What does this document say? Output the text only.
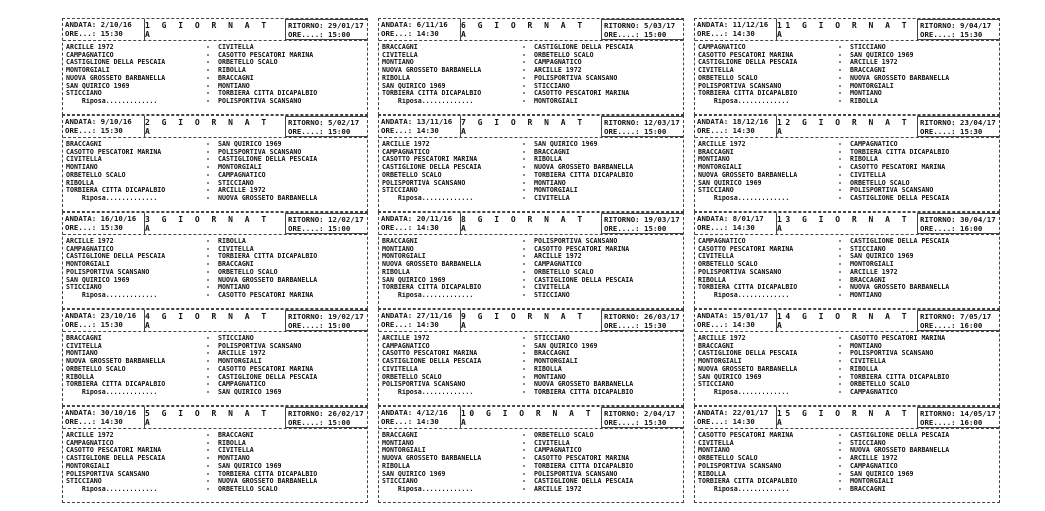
ANDATA: 2/10/16
ORE...: 15:30
1 G I O R N A T A
RITORNO: 29/01/17
ORE....: 15:00
ARCILLE 1972	- CIVITELLA
CAMPAGNATICO	- CASOTTO PESCATORI MARINA
CASTIGLIONE DELLA PESCAIA	- ORBETELLO SCALO
MONTORGIALI	- RIBOLLA
NUOVA GROSSETO BARBANELLA	- BRACCAGNI
SAN QUIRICO 1969	- MONTIANO
STICCIANO	- TORBIERA CITTA DICAPALBIO
Riposa.............	- POLISPORTIVA SCANSANO
ANDATA: 9/10/16
ORE...: 15:30
2 G I O R N A T A
RITORNO: 5/02/17
ORE....: 15:00
BRACCAGNI	- SAN QUIRICO 1969
CASOTTO PESCATORI MARINA	- POLISPORTIVA SCANSANO
CIVITELLA	- CASTIGLIONE DELLA PESCAIA
MONTIANO	- MONTORGIALI
ORBETELLO SCALO	- CAMPAGNATICO
RIBOLLA	- STICCIANO
TORBIERA CITTA DICAPALBIO	- ARCILLE 1972
Riposa.............	- NUOVA GROSSETO BARBANELLA
ANDATA: 16/10/16
ORE...: 15:30
3 G I O R N A T A
RITORNO: 12/02/17
ORE....: 15:00
ARCILLE 1972	- RIBOLLA
CAMPAGNATICO	- CIVITELLA
CASTIGLIONE DELLA PESCAIA	- TORBIERA CITTA DICAPALBIO
MONTORGIALI	- BRACCAGNI
POLISPORTIVA SCANSANO	- ORBETELLO SCALO
SAN QUIRICO 1969	- NUOVA GROSSETO BARBANELLA
STICCIANO	- MONTIANO
Riposa.............	- CASOTTO PESCATORI MARINA
ANDATA: 23/10/16
ORE...: 15:30
4 G I O R N A T A
RITORNO: 19/02/17
ORE....: 15:00
BRACCAGNI	- STICCIANO
CIVITELLA	- POLISPORTIVA SCANSANO
MONTIANO	- ARCILLE 1972
NUOVA GROSSETO BARBANELLA	- MONTORGIALI
ORBETELLO SCALO	- CASOTTO PESCATORI MARINA
RIBOLLA	- CASTIGLIONE DELLA PESCAIA
TORBIERA CITTA DICAPALBIO	- CAMPAGNATICO
Riposa.............	- SAN QUIRICO 1969
ANDATA: 30/10/16
ORE...: 14:30
5 G I O R N A T A
RITORNO: 26/02/17
ORE....: 15:00
ARCILLE 1972	- BRACCAGNI
CAMPAGNATICO	- RIBOLLA
CASOTTO PESCATORI MARINA	- CIVITELLA
CASTIGLIONE DELLA PESCAIA	- MONTIANO
MONTORGIALI	- SAN QUIRICO 1969
POLISPORTIVA SCANSANO	- TORBIERA CITTA DICAPALBIO
STICCIANO	- NUOVA GROSSETO BARBANELLA
Riposa.............	- ORBETELLO SCALO
ANDATA: 6/11/16
ORE...: 14:30
6 G I O R N A T A
RITORNO: 5/03/17
ORE....: 15:00
BRACCAGNI	- CASTIGLIONE DELLA PESCAIA
CIVITELLA	- ORBETELLO SCALO
MONTIANO	- CAMPAGNATICO
NUOVA GROSSETO BARBANELLA	- ARCILLE 1972
RIBOLLA	- POLISPORTIVA SCANSANO
SAN QUIRICO 1969	- STICCIANO
TORBIERA CITTA DICAPALBIO	- CASOTTO PESCATORI MARINA
Riposa.............	- MONTORGIALI
ANDATA: 13/11/16
ORE...: 14:30
7 G I O R N A T A
RITORNO: 12/03/17
ORE....: 15:00
ARCILLE 1972	- SAN QUIRICO 1969
CAMPAGNATICO	- BRACCAGNI
CASOTTO PESCATORI MARINA	- RIBOLLA
CASTIGLIONE DELLA PESCAIA	- NUOVA GROSSETO BARBANELLA
ORBETELLO SCALO	- TORBIERA CITTA DICAPALBIO
POLISPORTIVA SCANSANO	- MONTIANO
STICCIANO	- MONTORGIALI
Riposa.............	- CIVITELLA
ANDATA: 20/11/16
ORE...: 14:30
8 G I O R N A T A
RITORNO: 19/03/17
ORE....: 15:00
BRACCAGNI	- POLISPORTIVA SCANSANO
MONTIANO	- CASOTTO PESCATORI MARINA
MONTORGIALI	- ARCILLE 1972
NUOVA GROSSETO BARBANELLA	- CAMPAGNATICO
RIBOLLA	- ORBETELLO SCALO
SAN QUIRICO 1969	- CASTIGLIONE DELLA PESCAIA
TORBIERA CITTA DICAPALBIO	- CIVITELLA
Riposa.............	- STICCIANO
ANDATA: 27/11/16
ORE...: 14:30
9 G I O R N A T A
RITORNO: 26/03/17
ORE....: 15:30
ARCILLE 1972	- STICCIANO
CAMPAGNATICO	- SAN QUIRICO 1969
CASOTTO PESCATORI MARINA	- BRACCAGNI
CASTIGLIONE DELLA PESCAIA	- MONTORGIALI
CIVITELLA	- RIBOLLA
ORBETELLO SCALO	- MONTIANO
POLISPORTIVA SCANSANO	- NUOVA GROSSETO BARBANELLA
Riposa.............	- TORBIERA CITTA DICAPALBIO
ANDATA: 4/12/16
ORE...: 14:30
10 G I O R N A T A
RITORNO: 2/04/17
ORE....: 15:30
BRACCAGNI	- ORBETELLO SCALO
MONTIANO	- CIVITELLA
MONTORGIALI	- CAMPAGNATICO
NUOVA GROSSETO BARBANELLA	- CASOTTO PESCATORI MARINA
RIBOLLA	- TORBIERA CITTA DICAPALBIO
SAN QUIRICO 1969	- POLISPORTIVA SCANSANO
STICCIANO	- CASTIGLIONE DELLA PESCAIA
Riposa.............	- ARCILLE 1972
ANDATA: 11/12/16
ORE...: 14:30
11 G I O R N A T A
RITORNO: 9/04/17
ORE....: 15:30
CAMPAGNATICO	- STICCIANO
CASOTTO PESCATORI MARINA	- SAN QUIRICO 1969
CASTIGLIONE DELLA PESCAIA	- ARCILLE 1972
CIVITELLA	- BRACCAGNI
ORBETELLO SCALO	- NUOVA GROSSETO BARBANELLA
POLISPORTIVA SCANSANO	- MONTORGIALI
TORBIERA CITTA DICAPALBIO	- MONTIANO
Riposa.............	- RIBOLLA
ANDATA: 18/12/16
ORE...: 14:30
12 G I O R N A T A
RITORNO: 23/04/17
ORE....: 15:30
ARCILLE 1972	- CAMPAGNATICO
BRACCAGNI	- TORBIERA CITTA DICAPALBIO
MONTIANO	- RIBOLLA
MONTORGIALI	- CASOTTO PESCATORI MARINA
NUOVA GROSSETO BARBANELLA	- CIVITELLA
SAN QUIRICO 1969	- ORBETELLO SCALO
STICCIANO	- POLISPORTIVA SCANSANO
Riposa.............	- CASTIGLIONE DELLA PESCAIA
ANDATA: 8/01/17
ORE...: 14:30
13 G I O R N A T A
RITORNO: 30/04/17
ORE....: 16:00
CAMPAGNATICO	- CASTIGLIONE DELLA PESCAIA
CASOTTO PESCATORI MARINA	- STICCIANO
CIVITELLA	- SAN QUIRICO 1969
ORBETELLO SCALO	- MONTORGIALI
POLISPORTIVA SCANSANO	- ARCILLE 1972
RIBOLLA	- BRACCAGNI
TORBIERA CITTA DICAPALBIO	- NUOVA GROSSETO BARBANELLA
Riposa.............	- MONTIANO
ANDATA: 15/01/17
ORE...: 14:30
14 G I O R N A T A
RITORNO: 7/05/17
ORE....: 16:00
ARCILLE 1972	- CASOTTO PESCATORI MARINA
BRACCAGNI	- MONTIANO
CASTIGLIONE DELLA PESCAIA	- POLISPORTIVA SCANSANO
MONTORGIALI	- CIVITELLA
NUOVA GROSSETO BARBANELLA	- RIBOLLA
SAN QUIRICO 1969	- TORBIERA CITTA DICAPALBIO
STICCIANO	- ORBETELLO SCALO
Riposa.............	- CAMPAGNATICO
ANDATA: 22/01/17
ORE...: 14:30
15 G I O R N A T A
RITORNO: 14/05/17
ORE....: 16:00
CASOTTO PESCATORI MARINA	- CASTIGLIONE DELLA PESCAIA
CIVITELLA	- STICCIANO
MONTIANO	- NUOVA GROSSETO BARBANELLA
ORBETELLO SCALO	- ARCILLE 1972
POLISPORTIVA SCANSANO	- CAMPAGNATICO
RIBOLLA	- SAN QUIRICO 1969
TORBIERA CITTA DICAPALBIO	- MONTORGIALI
Riposa.............	- BRACCAGNI
